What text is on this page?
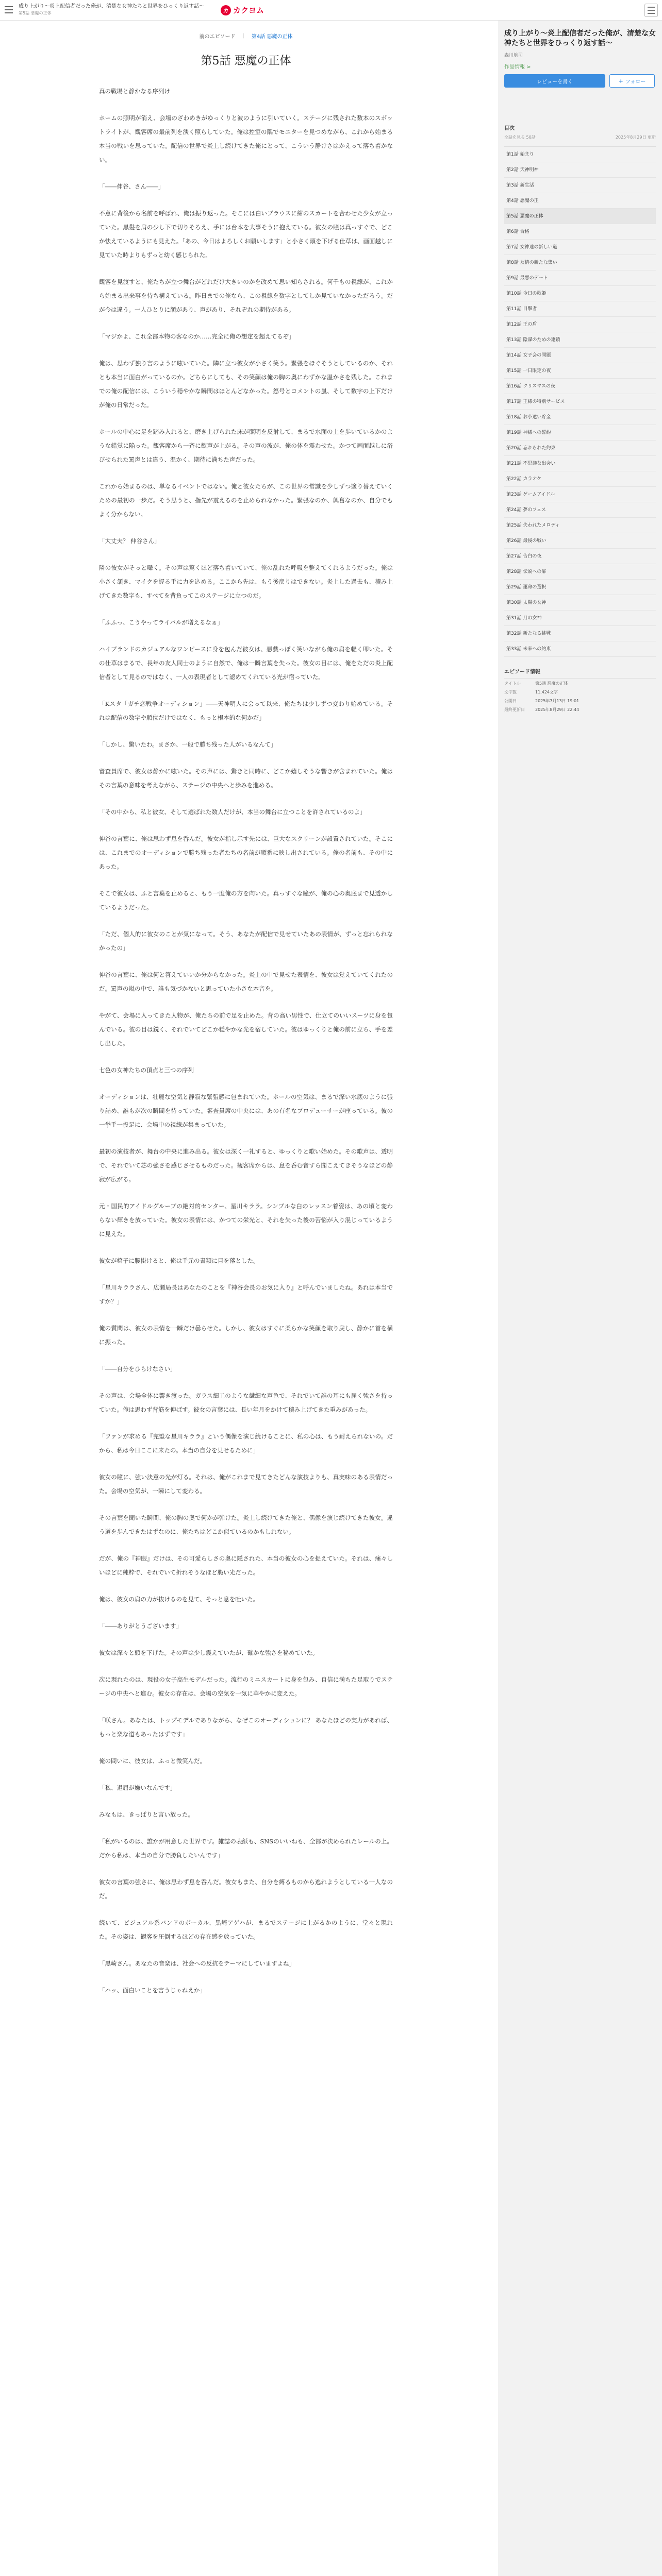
成り上がり〜炎上配信者だった俺が、清楚な女神たちと世界をひっくり返す話〜
第5話 悪魔の正体	カ カクヨム
前のエピソード | 第4話 悪魔の正体
第5話 悪魔の正体

真の戦場と静かなる序列け

ホームの照明が消え、会場のざわめきがゆっくりと波のように引いていく。ステージに残された数本のスポットライトが、観客席の最前列を淡く照らしていた。俺は控室の隅でモニターを見つめながら、これから始まる本当の戦いを思っていた。配信の世界で炎上し続けてきた俺にとって、こういう静けさはかえって落ち着かない。

「――伸谷、さん――」

不意に背後から名前を呼ばれ、俺は振り返った。そこには白いブラウスに紺のスカートを合わせた少女が立っていた。黒髪を肩の少し下で切りそろえ、手には台本を大事そうに抱えている。彼女の瞳は真っすぐで、どこか怯えているようにも見えた。「あの、今日はよろしくお願いします」と小さく頭を下げる仕草は、画面越しに見ていた時よりもずっと幼く感じられた。

観客を見渡すと、俺たちが立つ舞台がどれだけ大きいのかを改めて思い知らされる。何千もの視線が、これから始まる出来事を待ち構えている。昨日までの俺なら、この視線を数字としてしか見ていなかっただろう。だが今は違う。一人ひとりに顔があり、声があり、それぞれの期待がある。

「マジかよ、これ全部本物の客なのか……完全に俺の想定を超えてるぞ」

俺は、思わず独り言のように呟いていた。隣に立つ彼女が小さく笑う。緊張をほぐそうとしているのか、それとも本当に面白がっているのか。どちらにしても、その笑顔は俺の胸の奥にわずかな温かさを残した。これまでの俺の配信には、こういう穏やかな瞬間はほとんどなかった。怒号とコメントの嵐、そして数字の上下だけが俺の日常だった。

ホールの中心に足を踏み入れると、磨き上げられた床が照明を反射して、まるで水面の上を歩いているかのような錯覚に陥った。観客席から一斉に歓声が上がる。その声の波が、俺の体を震わせた。かつて画面越しに浴びせられた罵声とは違う、温かく、期待に満ちた声だった。

これから始まるのは、単なるイベントではない。俺と彼女たちが、この世界の常識を少しずつ塗り替えていくための最初の一歩だ。そう思うと、指先が震えるのを止められなかった。緊張なのか、興奮なのか、自分でもよく分からない。

「大丈夫？ 伸谷さん」

隣の彼女がそっと囁く。その声は驚くほど落ち着いていて、俺の乱れた呼吸を整えてくれるようだった。俺は小さく頷き、マイクを握る手に力を込める。ここから先は、もう後戻りはできない。炎上した過去も、積み上げてきた数字も、すべてを背負ってこのステージに立つのだ。

「ふふっ、こうやってライバルが増えるなぁ」

ハイブランドのカジュアルなワンピースに身を包んだ彼女は、悪戯っぽく笑いながら俺の肩を軽く叩いた。その仕草はまるで、長年の友人同士のように自然で、俺は一瞬言葉を失った。彼女の目には、俺をただの炎上配信者として見るのではなく、一人の表現者として認めてくれている光が宿っていた。

「Kスタ「ガチ恋戦争オーディション」――天神明人に会って以来、俺たちは少しずつ変わり始めている。それは配信の数字や順位だけではなく、もっと根本的な何かだ」

「しかし、驚いたわ。まさか、一般で勝ち残った人がいるなんて」

審査員席で、彼女は静かに呟いた。その声には、驚きと同時に、どこか嬉しそうな響きが含まれていた。俺はその言葉の意味を考えながら、ステージの中央へと歩みを進める。

「その中から、私と彼女、そして選ばれた数人だけが、本当の舞台に立つことを許されているのよ」

伸谷の言葉に、俺は思わず息を呑んだ。彼女が指し示す先には、巨大なスクリーンが設置されていた。そこには、これまでのオーディションで勝ち残った者たちの名前が順番に映し出されている。俺の名前も、その中にあった。

そこで彼女は、ふと言葉を止めると、もう一度俺の方を向いた。真っすぐな瞳が、俺の心の奥底まで見透かしているようだった。

「ただ、個人的に彼女のことが気になって。そう、あなたが配信で見せていたあの表情が、ずっと忘れられなかったの」

伸谷の言葉に、俺は何と答えていいか分からなかった。炎上の中で見せた表情を、彼女は覚えていてくれたのだ。罵声の嵐の中で、誰も気づかないと思っていた小さな本音を。

やがて、会場に入ってきた人物が、俺たちの前で足を止めた。背の高い男性で、仕立てのいいスーツに身を包んでいる。彼の目は鋭く、それでいてどこか穏やかな光を宿していた。彼はゆっくりと俺の前に立ち、手を差し出した。

七色の女神たちの頂点と三つの序列

オーディションは、壮麗な空気と静寂な緊張感に包まれていた。ホールの空気は、まるで深い水底のように張り詰め、誰もが次の瞬間を待っていた。審査員席の中央には、あの有名なプロデューサーが座っている。彼の一挙手一投足に、会場中の視線が集まっていた。

最初の演技者が、舞台の中央に進み出る。彼女は深く一礼すると、ゆっくりと歌い始めた。その歌声は、透明で、それでいて芯の強さを感じさせるものだった。観客席からは、息を呑む音すら聞こえてきそうなほどの静寂が広がる。

元・国民的アイドルグループの絶対的センター、星川キララ。シンプルな白のレッスン着姿は、あの頃と変わらない輝きを放っていた。彼女の表情には、かつての栄光と、それを失った後の苦悩が入り混じっているように見えた。

彼女が椅子に腰掛けると、俺は手元の書類に目を落とした。

「星川キララさん、広瀬局長はあなたのことを『神谷会長のお気に入り』と呼んでいましたね。あれは本当ですか？」

俺の質問は、彼女の表情を一瞬だけ曇らせた。しかし、彼女はすぐに柔らかな笑顔を取り戻し、静かに首を横に振った。

「――自分をひらけなさい」

その声は、会場全体に響き渡った。ガラス細工のような繊細な声色で、それでいて誰の耳にも届く強さを持っていた。俺は思わず背筋を伸ばす。彼女の言葉には、長い年月をかけて積み上げてきた重みがあった。

「ファンが求める『完璧な星川キララ』という偶像を演じ続けることに、私の心は、もう耐えられないの。だから、私は今日ここに来たの。本当の自分を見せるために」

彼女の瞳に、強い決意の光が灯る。それは、俺がこれまで見てきたどんな演技よりも、真実味のある表情だった。会場の空気が、一瞬にして変わる。

その言葉を聞いた瞬間、俺の胸の奥で何かが弾けた。炎上し続けてきた俺と、偶像を演じ続けてきた彼女。違う道を歩んできたはずなのに、俺たちはどこか似ているのかもしれない。

だが、俺の『神眼』だけは、その可愛らしさの奥に隠された、本当の彼女の心を捉えていた。それは、痛々しいほどに純粋で、それでいて折れそうなほど脆い光だった。

俺は、彼女の肩の力が抜けるのを見て、そっと息を吐いた。

「――ありがとうございます」

彼女は深々と頭を下げた。その声は少し震えていたが、確かな強さを秘めていた。

次に現れたのは、現役の女子高生モデルだった。流行のミニスカートに身を包み、自信に満ちた足取りでステージの中央へと進む。彼女の存在は、会場の空気を一気に華やかに変えた。

「咲さん。あなたは、トップモデルでありながら、なぜこのオーディションに？ あなたほどの実力があれば、もっと楽な道もあったはずです」

俺の問いに、彼女は、ふっと微笑んだ。

「私、退屈が嫌いなんです」

みなもは、きっぱりと言い放った。

「私がいるのは、誰かが用意した世界です。雑誌の表紙も、SNSのいいねも、全部が決められたレールの上。だから私は、本当の自分で勝負したいんです」

彼女の言葉の強さに、俺は思わず息を呑んだ。彼女もまた、自分を縛るものから逃れようとしている一人なのだ。

続いて、ビジュアル系バンドのボーカル、黒崎アゲハが、まるでステージに上がるかのように、堂々と現れた。その姿は、観客を圧倒するほどの存在感を放っていた。

「黒崎さん。あなたの音楽は、社会への反抗をテーマにしていますよね」

「ハッ、面白いことを言うじゃねえか」

成り上がり〜炎上配信者だった俺が、清楚な女神たちと世界をひっくり返す話〜
森川航司
作品情報 >
レビューを書く	+ フォロー
目次
全話を見る 50話	2025年8月29日 更新
第1話 始まり
第2話 天神明神
第3話 新生活
第4話 悪魔の正
第5話 悪魔の正体
第6話 合格
第7話 女神達の新しい道
第8話 友情の新たな集い
第9話 最悪のデート
第10話 今日の歌姫
第11話 目撃者
第12話 王の盾
第13話 陰謀のための連鎖
第14話 女子会の問題
第15話 一日限定の夜
第16話 クリスマスの夜
第17話 王様の特別サービス
第18話 お小遣い貯金
第19話 神様への誓約
第20話 忘れられた約束
第21話 不思議な出会い
第22話 カラオケ
第23話 ゲームアイドル
第24話 夢のフェス
第25話 失われたメロディ
第26話 最後の戦い
第27話 告白の夜
第28話 伝説への扉
第29話 運命の選択
第30話 太陽の女神
第31話 月の女神
第32話 新たなる挑戦
第33話 未来への約束
エピソード情報
タイトル	第5話 悪魔の正体
文字数	11,424文字
公開日	2025年7月13日 19:01
最終更新日	2025年8月29日 22:44
